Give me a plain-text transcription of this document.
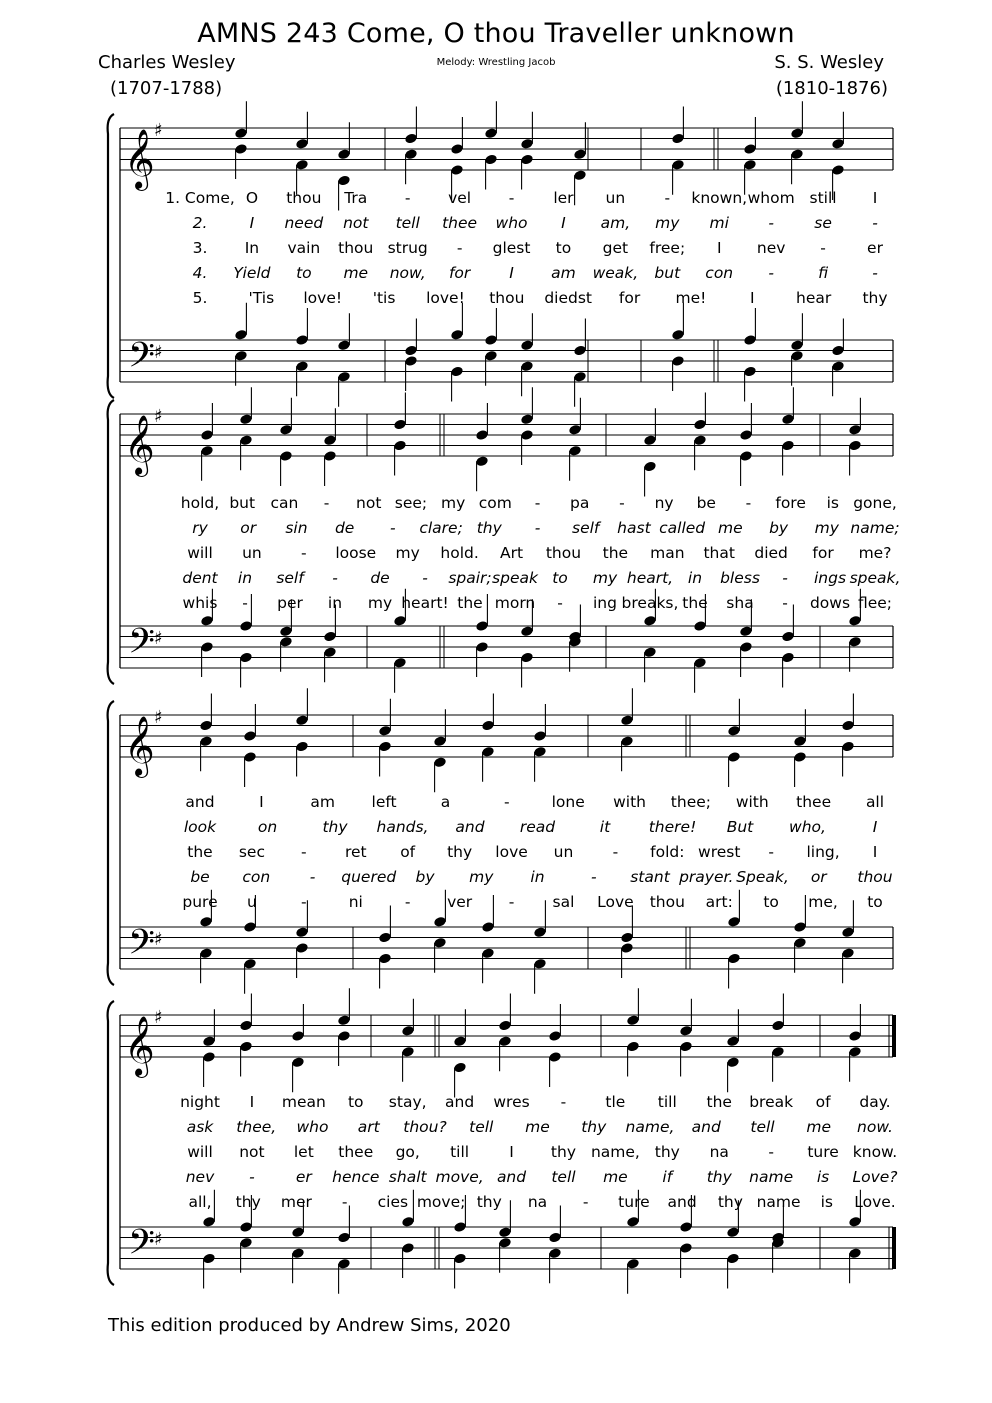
AMNS 243 Come, O thou Traveller unknown
Charles Wesley
(1707-1788)
Melody: Wrestling Jacob	S. S. Wesley
(1810-1876)
𝄞
𝄢
♯
♯
𝄞
𝄢
♯
♯
𝄞
𝄢
♯
♯
𝄞
𝄢
♯
♯
1. Come, O thou Tra - vel -	ler un	- known, whom still I
2.	I need not tell thee who I am, my mi	-	se	-
3. In vain thou strug - glest to get free; I nev -	er
4. Yield to me now, for	I am weak, but con -	fi	-
5.	'Tis love! 'tis love! thou diedst for me!	I	hear thy
hold, but can - not see; my com - pa - ny be - fore is gone,
ry or sin de - clare; thy - self hast called me by my name;
will un	- loose my hold. Art thou the man that died for me?
dent in self - de - spair; speak to my heart, in bless - ings speak,
whis - per in my heart! the morn - ing breaks, the sha - dows flee;
and	I	am left	a	-	lone with thee; with thee all
look	on	thy hands, and read	it there! But who,	I
the sec - ret of thy love un	- fold: wrest - ling, I
be con	- quered by my in	- stant prayer. Speak, or thou
pure u	-	ni	- ver - sal Love thou art: to me, to
night I mean to stay, and wres -	tle till the break of day.
ask thee, who art thou? tell me thy name, and tell me now.
will not let thee go, till	I thy name, thy na	- ture know.
nev -	er hence shalt move, and tell me if thy name is Love?
all, thy mer - cies move; thy na - ture and thy name is Love.
This edition produced by Andrew Sims, 2020
